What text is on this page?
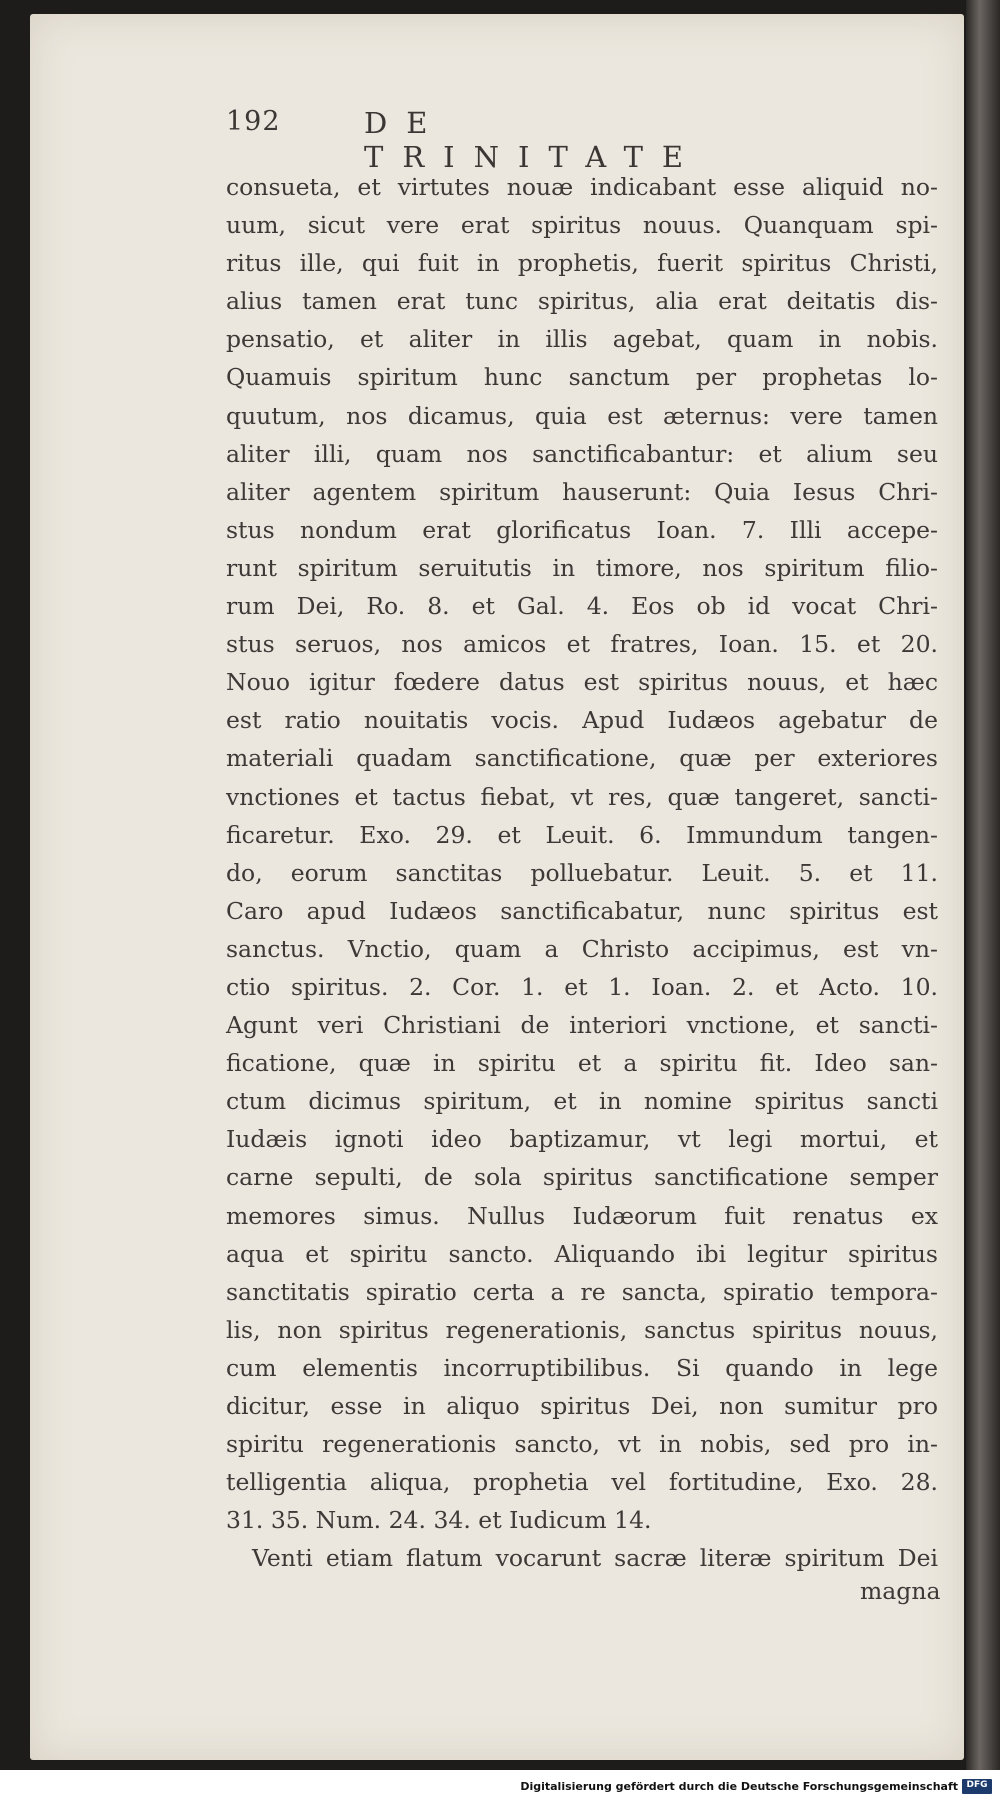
192	DE TRINITATE
consueta, et virtutes nouæ indicabant esse aliquid no-
uum, sicut vere erat spiritus nouus. Quanquam spi-
ritus ille, qui fuit in prophetis, fuerit spiritus Christi,
alius tamen erat tunc spiritus, alia erat deitatis dis-
pensatio, et aliter in illis agebat, quam in nobis.
Quamuis spiritum hunc sanctum per prophetas lo-
quutum, nos dicamus, quia est æternus: vere tamen
aliter illi, quam nos sanctificabantur: et alium seu
aliter agentem spiritum hauserunt: Quia Iesus Chri-
stus nondum erat glorificatus Ioan. 7. Illi accepe-
runt spiritum seruitutis in timore, nos spiritum filio-
rum Dei, Ro. 8. et Gal. 4. Eos ob id vocat Chri-
stus seruos, nos amicos et fratres, Ioan. 15. et 20.
Nouo igitur fœdere datus est spiritus nouus, et hæc
est ratio nouitatis vocis. Apud Iudæos agebatur de
materiali quadam sanctificatione, quæ per exteriores
vnctiones et tactus fiebat, vt res, quæ tangeret, sancti-
ficaretur. Exo. 29. et Leuit. 6. Immundum tangen-
do, eorum sanctitas polluebatur. Leuit. 5. et 11.
Caro apud Iudæos sanctificabatur, nunc spiritus est
sanctus. Vnctio, quam a Christo accipimus, est vn-
ctio spiritus. 2. Cor. 1. et 1. Ioan. 2. et Acto. 10.
Agunt veri Christiani de interiori vnctione, et sancti-
ficatione, quæ in spiritu et a spiritu fit. Ideo san-
ctum dicimus spiritum, et in nomine spiritus sancti
Iudæis ignoti ideo baptizamur, vt legi mortui, et
carne sepulti, de sola spiritus sanctificatione semper
memores simus. Nullus Iudæorum fuit renatus ex
aqua et spiritu sancto. Aliquando ibi legitur spiritus
sanctitatis spiratio certa a re sancta, spiratio tempora-
lis, non spiritus regenerationis, sanctus spiritus nouus,
cum elementis incorruptibilibus. Si quando in lege
dicitur, esse in aliquo spiritus Dei, non sumitur pro
spiritu regenerationis sancto, vt in nobis, sed pro in-
telligentia aliqua, prophetia vel fortitudine, Exo. 28.
31. 35. Num. 24. 34. et Iudicum 14.
Venti etiam flatum vocarunt sacræ literæ spiritum Dei
magna
Digitalisierung gefördert durch die Deutsche Forschungsgemeinschaft DFG
